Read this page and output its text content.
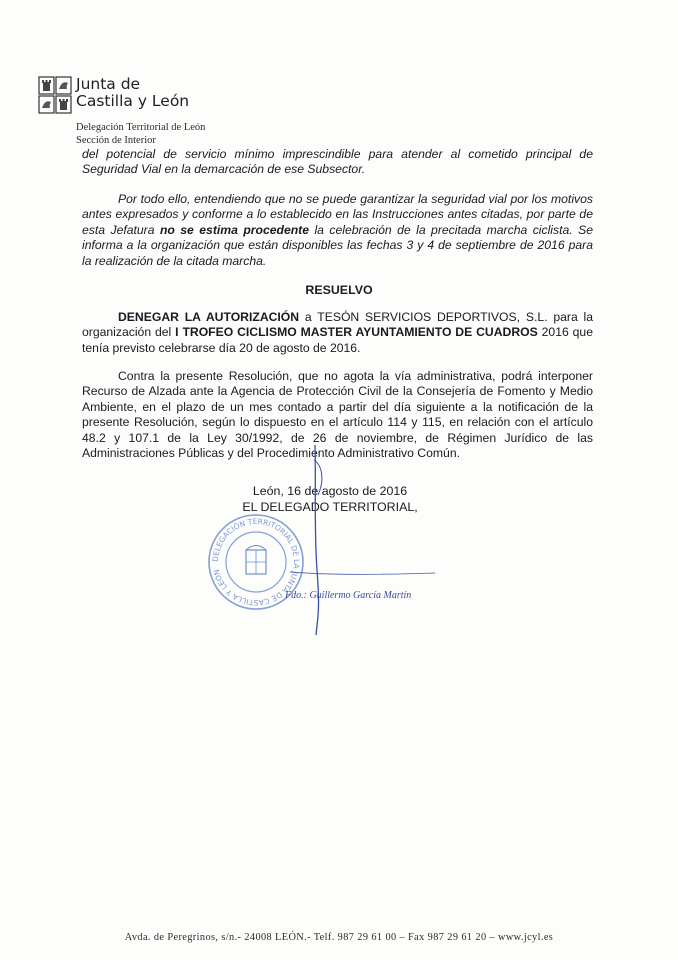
Junta de
Castilla y León
Delegación Territorial de León
Sección de Interior
del potencial de servicio mínimo imprescindible para atender al cometido principal de Seguridad Vial en la demarcación de ese Subsector.
Por todo ello, entendiendo que no se puede garantizar la seguridad vial por los motivos antes expresados y conforme a lo establecido en las Instrucciones antes citadas, por parte de esta Jefatura no se estima procedente la celebración de la precitada marcha ciclista. Se informa a la organización que están disponibles las fechas 3 y 4 de septiembre de 2016 para la realización de la citada marcha.
RESUELVO
DENEGAR LA AUTORIZACIÓN a TESÓN SERVICIOS DEPORTIVOS, S.L. para la organización del I TROFEO CICLISMO MASTER AYUNTAMIENTO DE CUADROS 2016 que tenía previsto celebrarse día 20 de agosto de 2016.
Contra la presente Resolución, que no agota la vía administrativa, podrá interponer Recurso de Alzada ante la Agencia de Protección Civil de la Consejería de Fomento y Medio Ambiente, en el plazo de un mes contado a partir del día siguiente a la notificación de la presente Resolución, según lo dispuesto en el artículo 114 y 115, en relación con el artículo 48.2 y 107.1 de la Ley 30/1992, de 26 de noviembre, de Régimen Jurídico de las Administraciones Públicas y del Procedimiento Administrativo Común.
León, 16 de agosto de 2016
EL DELEGADO TERRITORIAL,
DELEGACIÓN TERRITORIAL DE LA JUNTA DE CASTILLA Y LEÓN
Fdo.: Guillermo García Martín
Avda. de Peregrinos, s/n.- 24008 LEÓN.- Telf. 987 29 61 00 – Fax 987 29 61 20 – www.jcyl.es
